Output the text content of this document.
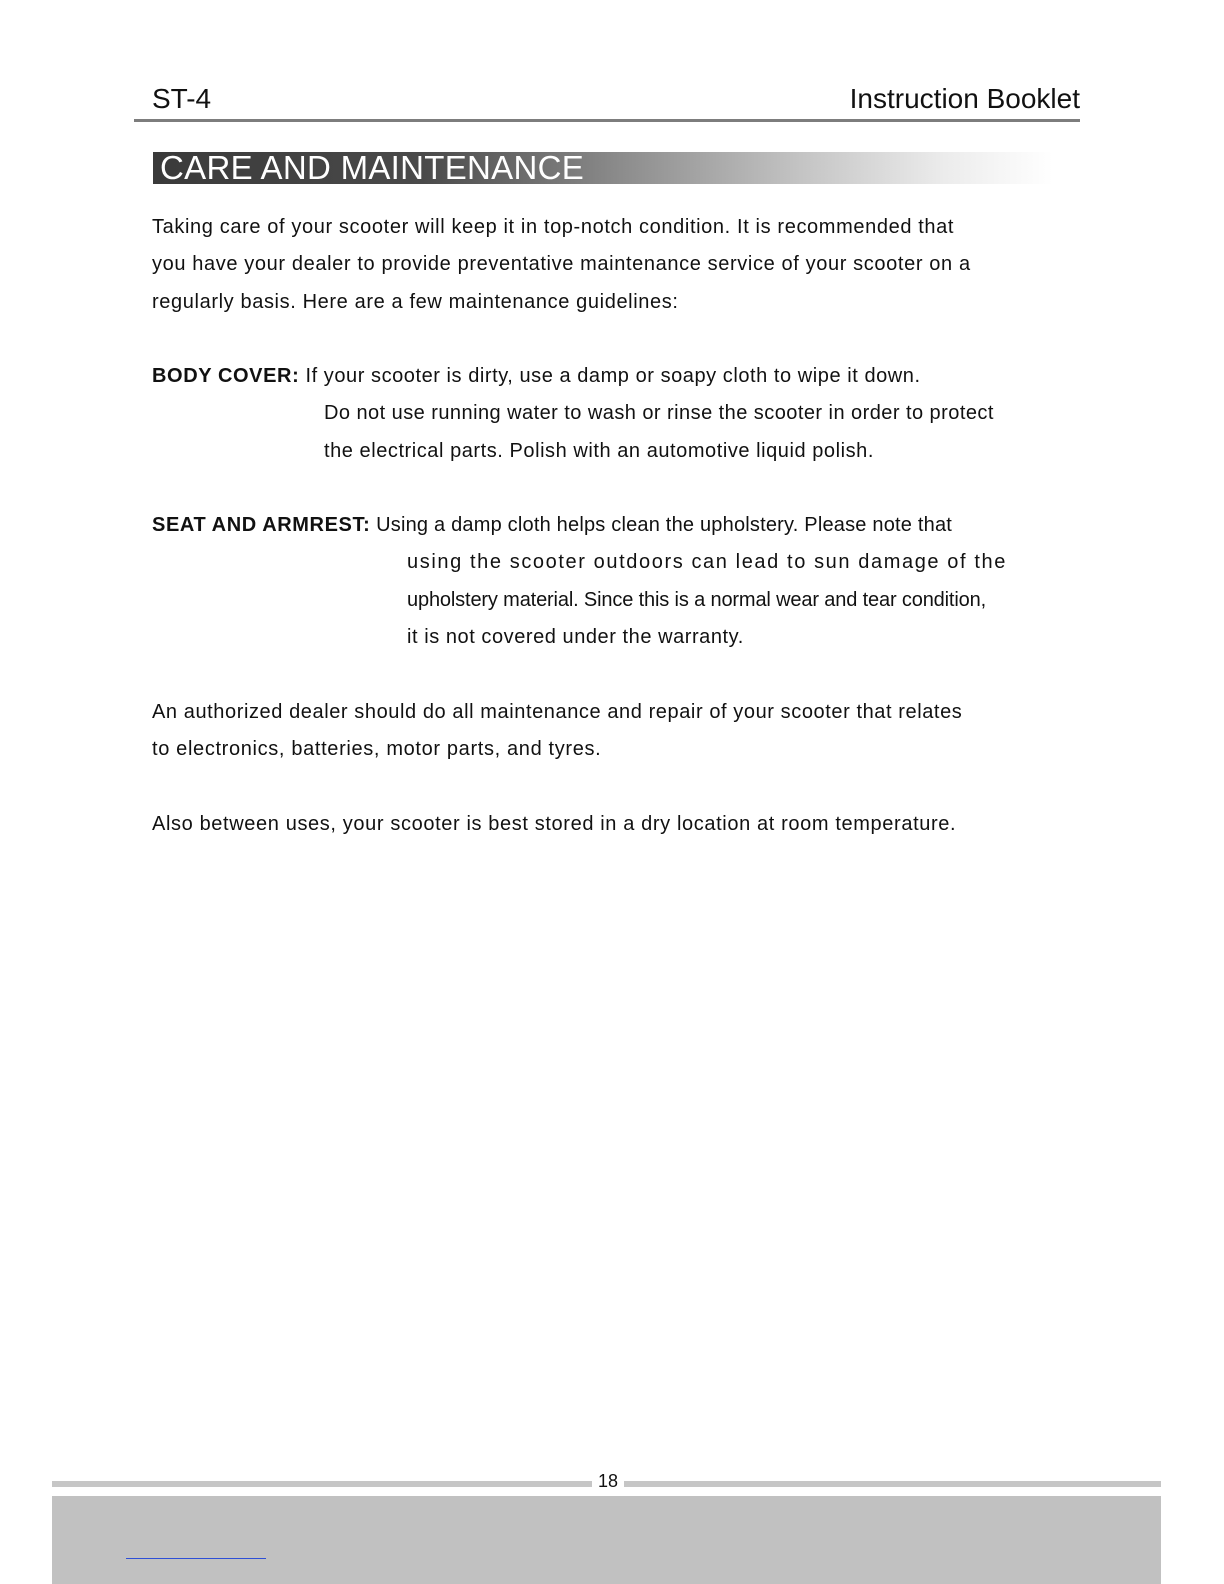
ST-4	Instruction Booklet
CARE AND MAINTENANCE
Taking care of your scooter will keep it in top-notch condition. It is recommended that
you have your dealer to provide preventative maintenance service of your scooter on a
regularly basis. Here are a few maintenance guidelines:
BODY COVER: If your scooter is dirty, use a damp or soapy cloth to wipe it down.
Do not use running water to wash or rinse the scooter in order to protect
the electrical parts. Polish with an automotive liquid polish.
SEAT AND ARMREST: Using a damp cloth helps clean the upholstery. Please note that
using the scooter outdoors can lead to sun damage of the
upholstery material. Since this is a normal wear and tear condition,
it is not covered under the warranty.
An authorized dealer should do all maintenance and repair of your scooter that relates
to electronics, batteries, motor parts, and tyres.
Also between uses, your scooter is best stored in a dry location at room temperature.
18
